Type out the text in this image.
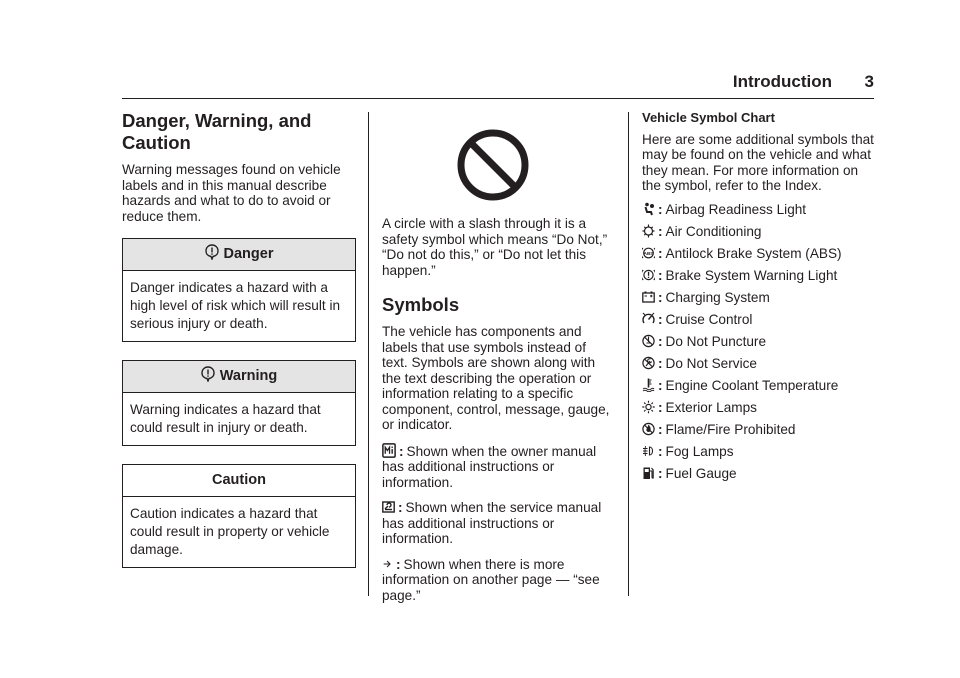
Introduction 3
Danger, Warning, and Caution

Warning messages found on vehicle labels and in this manual describe hazards and what to do to avoid or reduce them.

Danger
Danger indicates a hazard with a high level of risk which will result in serious injury or death.
Warning
Warning indicates a hazard that could result in injury or death.
Caution
Caution indicates a hazard that could result in property or vehicle damage.

A circle with a slash through it is a safety symbol which means “Do Not,” “Do not do this,” or “Do not let this happen.”

Symbols

The vehicle has components and labels that use symbols instead of text. Symbols are shown along with the text describing the operation or information relating to a specific component, control, message, gauge, or indicator.

: Shown when the owner manual has additional instructions or information.

: Shown when the service manual has additional instructions or information.

: Shown when there is more information on another page — “see page.”

Vehicle Symbol Chart

Here are some additional symbols that may be found on the vehicle and what they mean. For more information on the symbol, refer to the Index.

: Airbag Readiness Light
: Air Conditioning
ABS : Antilock Brake System (ABS)
: Brake System Warning Light
: Charging System
: Cruise Control
: Do Not Puncture
: Do Not Service
: Engine Coolant Temperature
: Exterior Lamps
: Flame/Fire Prohibited
: Fog Lamps
: Fuel Gauge
